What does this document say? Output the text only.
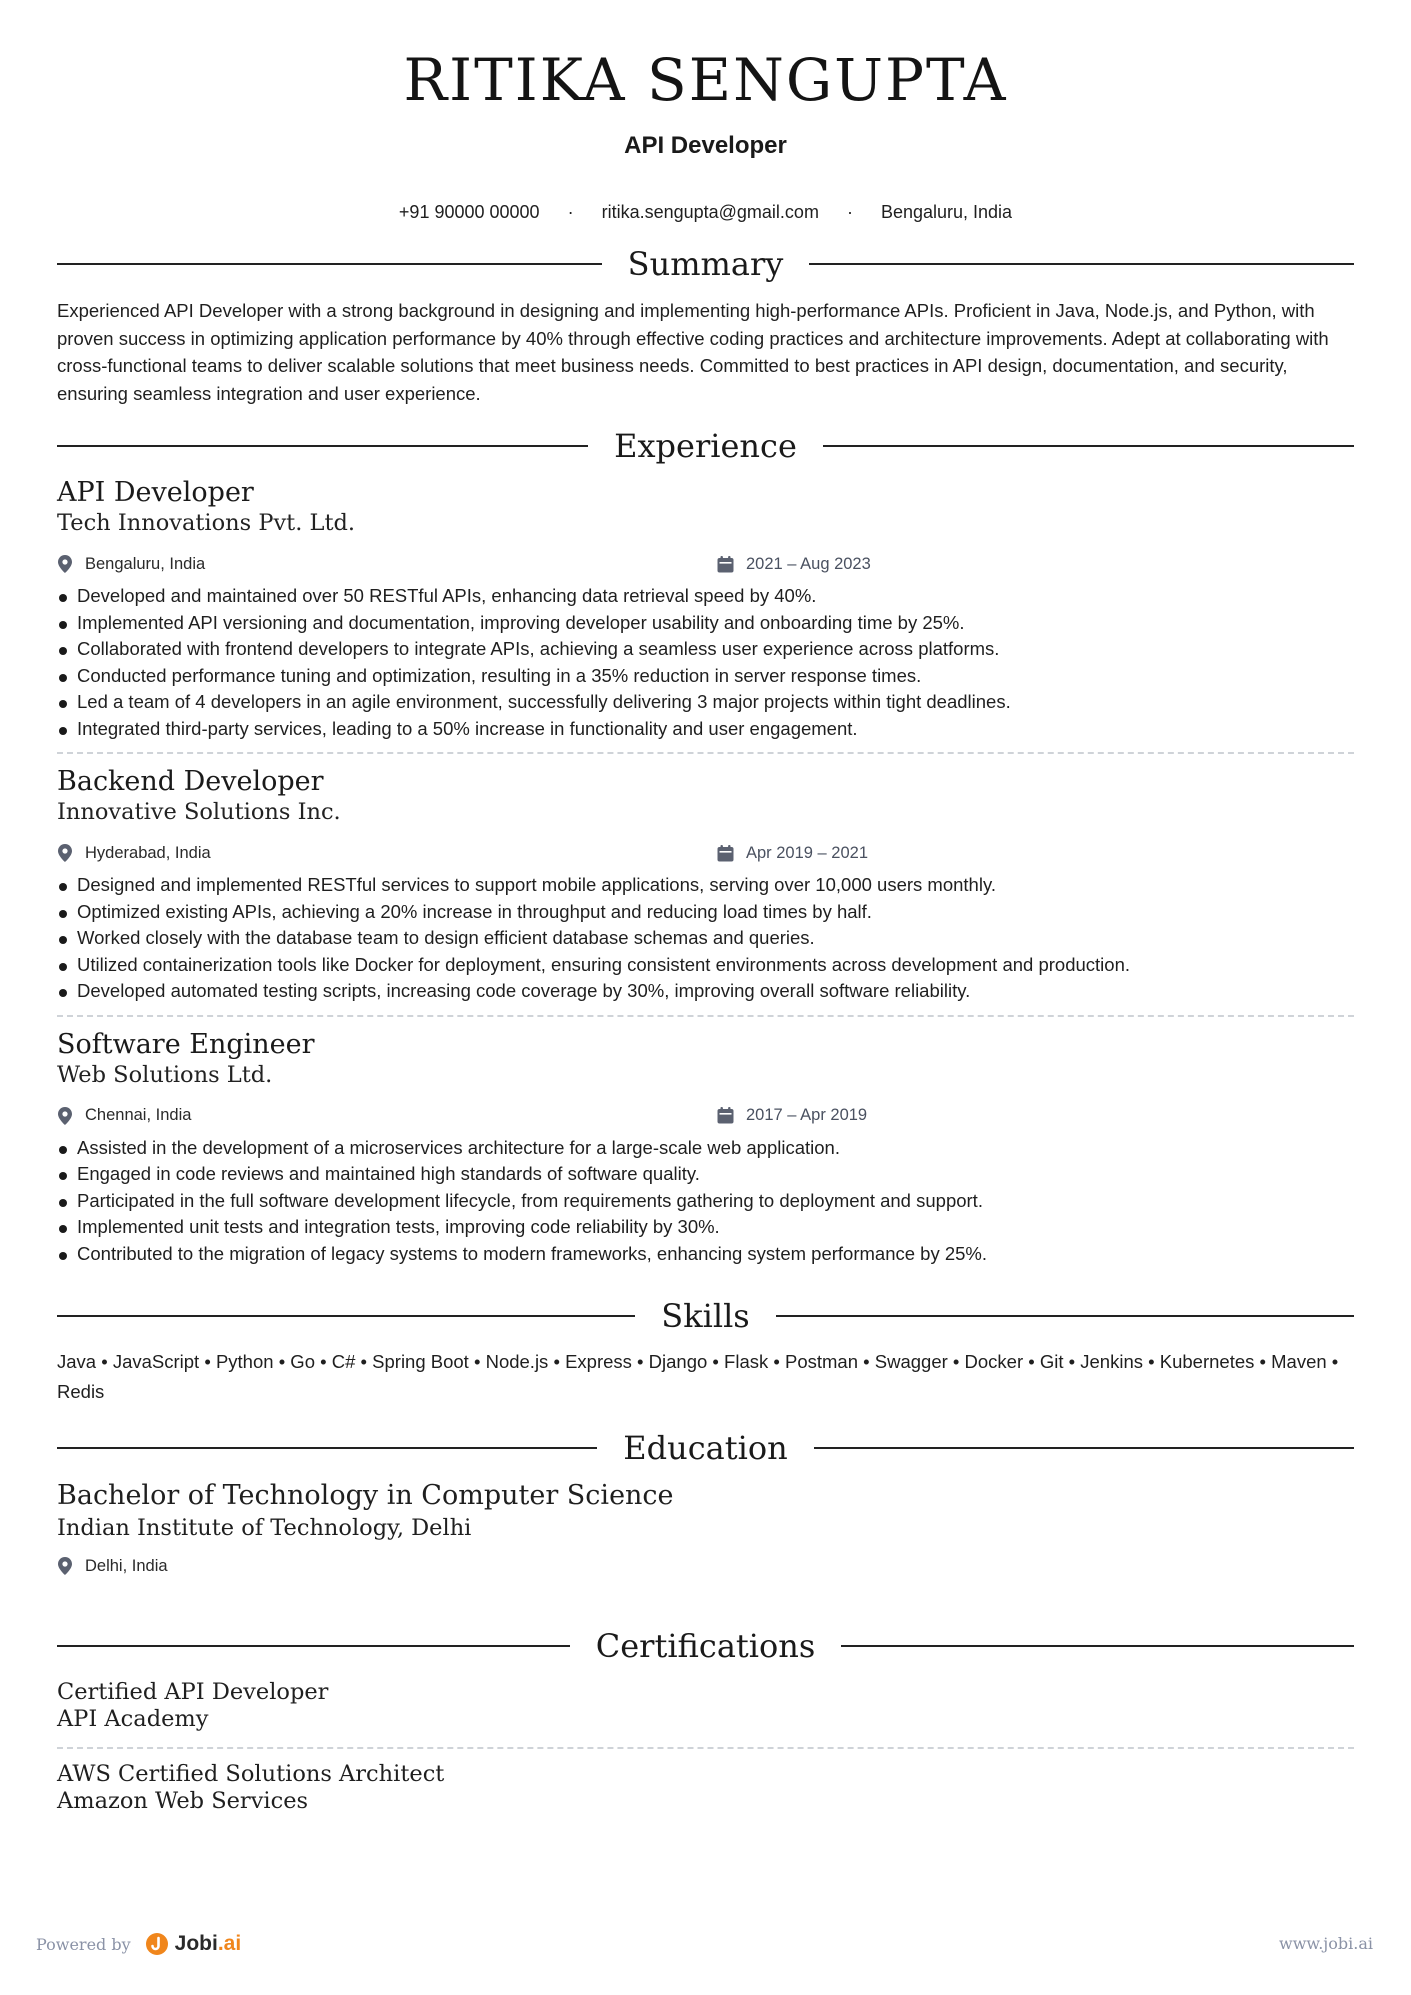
RITIKA SENGUPTA
API Developer
+91 90000 00000 · ritika.sengupta@gmail.com · Bengaluru, India
Summary
Experienced API Developer with a strong background in designing and implementing high-performance APIs. Proficient in Java, Node.js, and Python, with proven success in optimizing application performance by 40% through effective coding practices and architecture improvements. Adept at collaborating with cross-functional teams to deliver scalable solutions that meet business needs. Committed to best practices in API design, documentation, and security, ensuring seamless integration and user experience.
Experience
API Developer
Tech Innovations Pvt. Ltd.
Bengaluru, India	2021 – Aug 2023
Developed and maintained over 50 RESTful APIs, enhancing data retrieval speed by 40%.
Implemented API versioning and documentation, improving developer usability and onboarding time by 25%.
Collaborated with frontend developers to integrate APIs, achieving a seamless user experience across platforms.
Conducted performance tuning and optimization, resulting in a 35% reduction in server response times.
Led a team of 4 developers in an agile environment, successfully delivering 3 major projects within tight deadlines.
Integrated third-party services, leading to a 50% increase in functionality and user engagement.
Backend Developer
Innovative Solutions Inc.
Hyderabad, India	Apr 2019 – 2021
Designed and implemented RESTful services to support mobile applications, serving over 10,000 users monthly.
Optimized existing APIs, achieving a 20% increase in throughput and reducing load times by half.
Worked closely with the database team to design efficient database schemas and queries.
Utilized containerization tools like Docker for deployment, ensuring consistent environments across development and production.
Developed automated testing scripts, increasing code coverage by 30%, improving overall software reliability.
Software Engineer
Web Solutions Ltd.
Chennai, India	2017 – Apr 2019
Assisted in the development of a microservices architecture for a large-scale web application.
Engaged in code reviews and maintained high standards of software quality.
Participated in the full software development lifecycle, from requirements gathering to deployment and support.
Implemented unit tests and integration tests, improving code reliability by 30%.
Contributed to the migration of legacy systems to modern frameworks, enhancing system performance by 25%.
Skills
Java • JavaScript • Python • Go • C# • Spring Boot • Node.js • Express • Django • Flask • Postman • Swagger • Docker • Git • Jenkins • Kubernetes • Maven • Redis
Education
Bachelor of Technology in Computer Science
Indian Institute of Technology, Delhi
Delhi, India
Certifications
Certified API Developer
API Academy
AWS Certified Solutions Architect
Amazon Web Services
Powered by Jobi .ai	www.jobi.ai
